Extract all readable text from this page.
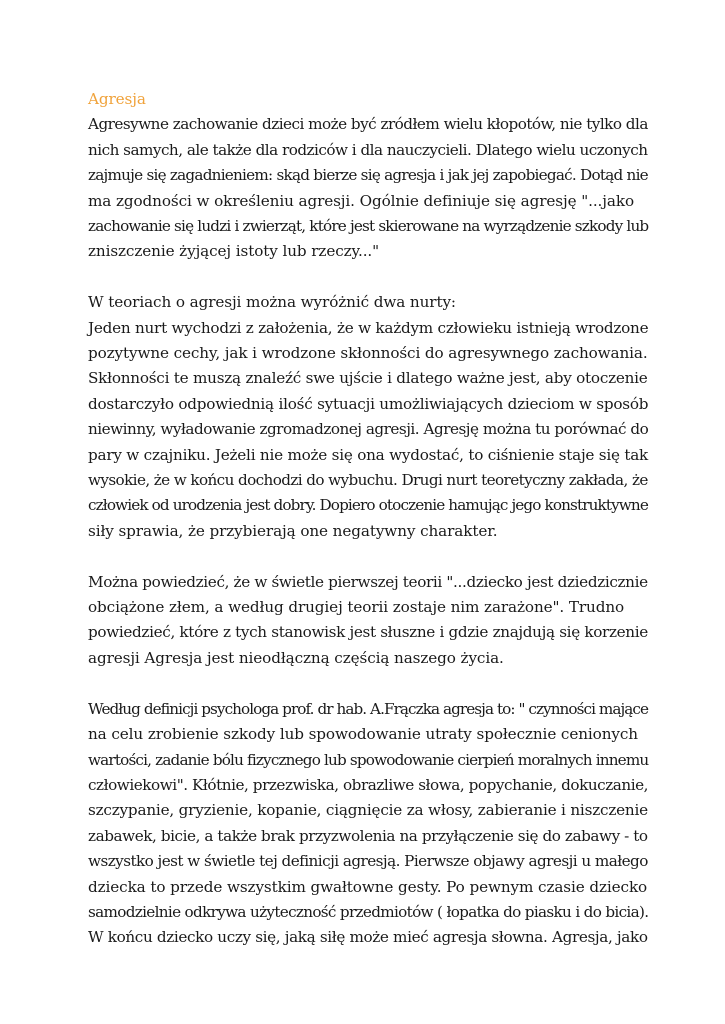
Agresja
Agresywne zachowanie dzieci może być zródłem wielu kłopotów, nie tylko dla
nich samych, ale także dla rodziców i dla nauczycieli. Dlatego wielu uczonych
zajmuje się zagadnieniem: skąd bierze się agresja i jak jej zapobiegać. Dotąd nie
ma zgodności w określeniu agresji. Ogólnie definiuje się agresję "...jako
zachowanie się ludzi i zwierząt, które jest skierowane na wyrządzenie szkody lub
zniszczenie żyjącej istoty lub rzeczy..."
W teoriach o agresji można wyróżnić dwa nurty:
Jeden nurt wychodzi z założenia, że w każdym człowieku istnieją wrodzone
pozytywne cechy, jak i wrodzone skłonności do agresywnego zachowania.
Skłonności te muszą znaleźć swe ujście i dlatego ważne jest, aby otoczenie
dostarczyło odpowiednią ilość sytuacji umożliwiających dzieciom w sposób
niewinny, wyładowanie zgromadzonej agresji. Agresję można tu porównać do
pary w czajniku. Jeżeli nie może się ona wydostać, to ciśnienie staje się tak
wysokie, że w końcu dochodzi do wybuchu. Drugi nurt teoretyczny zakłada, że
człowiek od urodzenia jest dobry. Dopiero otoczenie hamując jego konstruktywne
siły sprawia, że przybierają one negatywny charakter.
Można powiedzieć, że w świetle pierwszej teorii "...dziecko jest dziedzicznie
obciążone złem, a według drugiej teorii zostaje nim zarażone". Trudno
powiedzieć, które z tych stanowisk jest słuszne i gdzie znajdują się korzenie
agresji Agresja jest nieodłączną częścią naszego życia.
Według definicji psychologa prof. dr hab. A.Frączka agresja to: " czynności mające
na celu zrobienie szkody lub spowodowanie utraty społecznie cenionych
wartości, zadanie bólu fizycznego lub spowodowanie cierpień moralnych innemu
człowiekowi". Kłótnie, przezwiska, obrazliwe słowa, popychanie, dokuczanie,
szczypanie, gryzienie, kopanie, ciągnięcie za włosy, zabieranie i niszczenie
zabawek, bicie, a także brak przyzwolenia na przyłączenie się do zabawy - to
wszystko jest w świetle tej definicji agresją. Pierwsze objawy agresji u małego
dziecka to przede wszystkim gwałtowne gesty. Po pewnym czasie dziecko
samodzielnie odkrywa użyteczność przedmiotów ( łopatka do piasku i do bicia).
W końcu dziecko uczy się, jaką siłę może mieć agresja słowna. Agresja, jako
